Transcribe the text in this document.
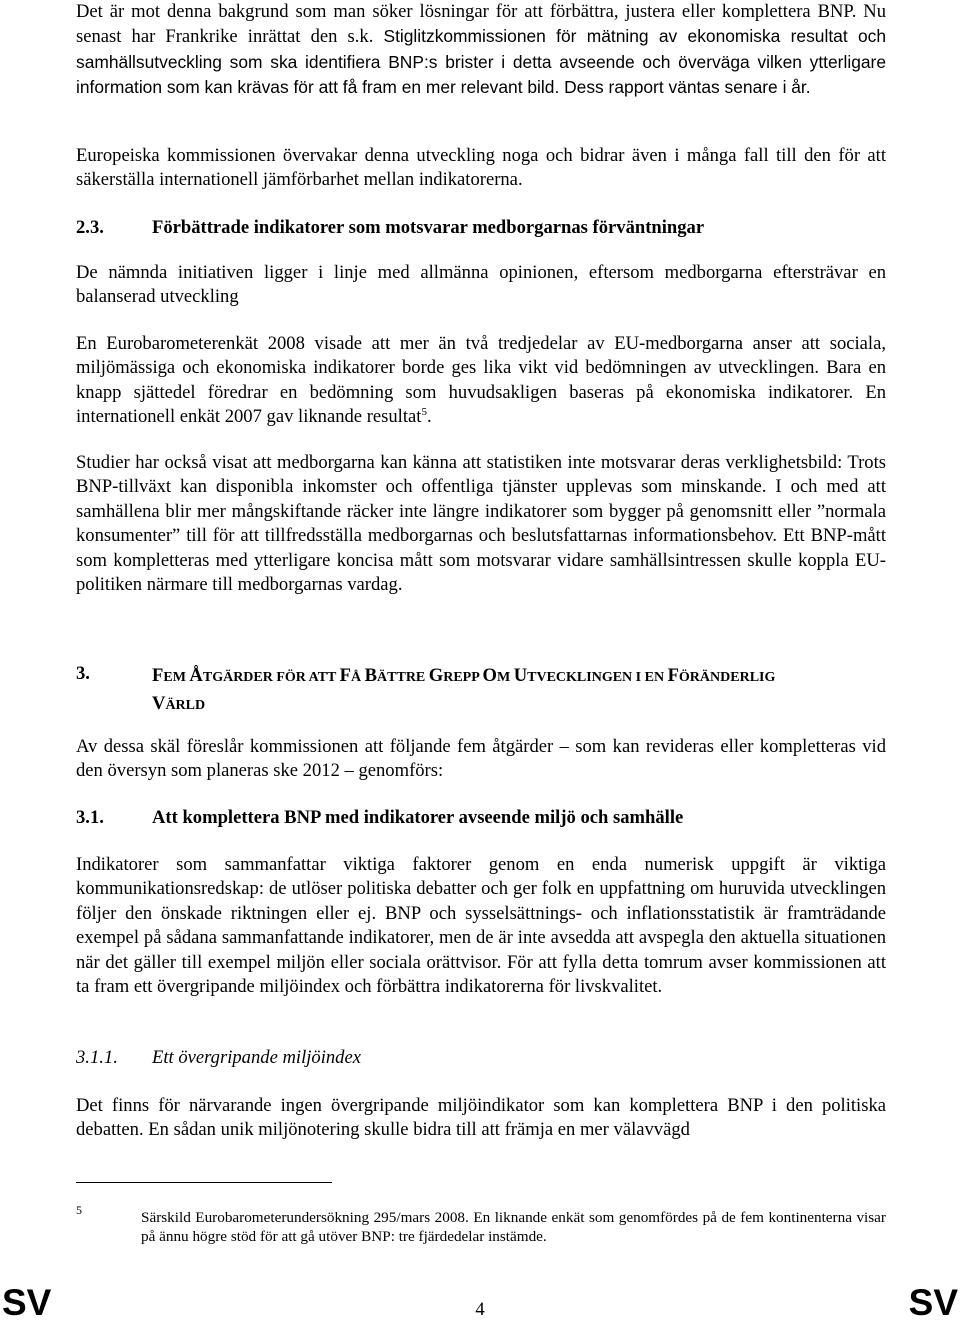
Det är mot denna bakgrund som man söker lösningar för att förbättra, justera eller komplettera BNP. Nu senast har Frankrike inrättat den s.k. Stiglitzkommissionen för mätning av ekonomiska resultat och samhällsutveckling som ska identifiera BNP:s brister i detta avseende och överväga vilken ytterligare information som kan krävas för att få fram en mer relevant bild. Dess rapport väntas senare i år.

Europeiska kommissionen övervakar denna utveckling noga och bidrar även i många fall till den för att säkerställa internationell jämförbarhet mellan indikatorerna.

2.3.	Förbättrade indikatorer som motsvarar medborgarnas förväntningar

De nämnda initiativen ligger i linje med allmänna opinionen, eftersom medborgarna eftersträvar en balanserad utveckling

En Eurobarometerenkät 2008 visade att mer än två tredjedelar av EU-medborgarna anser att sociala, miljömässiga och ekonomiska indikatorer borde ges lika vikt vid bedömningen av utvecklingen. Bara en knapp sjättedel föredrar en bedömning som huvudsakligen baseras på ekonomiska indikatorer. En internationell enkät 2007 gav liknande resultat$^5$.

Studier har också visat att medborgarna kan känna att statistiken inte motsvarar deras verklighetsbild: Trots BNP-tillväxt kan disponibla inkomster och offentliga tjänster upplevas som minskande. I och med att samhällena blir mer mångskiftande räcker inte längre indikatorer som bygger på genomsnitt eller ”normala konsumenter” till för att tillfredsställa medborgarnas och beslutsfattarnas informationsbehov. Ett BNP-mått som kompletteras med ytterligare koncisa mått som motsvarar vidare samhällsintressen skulle koppla EU-politiken närmare till medborgarnas vardag.

3.	FEM ÅTGÄRDER FÖR ATT FÅ BÄTTRE GREPP OM UTVECKLINGEN I EN FÖRÄNDERLIG
VÄRLD

Av dessa skäl föreslår kommissionen att följande fem åtgärder – som kan revideras eller kompletteras vid den översyn som planeras ske 2012 – genomförs:

3.1.	Att komplettera BNP med indikatorer avseende miljö och samhälle

Indikatorer som sammanfattar viktiga faktorer genom en enda numerisk uppgift är viktiga kommunikationsredskap: de utlöser politiska debatter och ger folk en uppfattning om huruvida utvecklingen följer den önskade riktningen eller ej. BNP och sysselsättnings- och inflationsstatistik är framträdande exempel på sådana sammanfattande indikatorer, men de är inte avsedda att avspegla den aktuella situationen när det gäller till exempel miljön eller sociala orättvisor. För att fylla detta tomrum avser kommissionen att ta fram ett övergripande miljöindex och förbättra indikatorerna för livskvalitet.

3.1.1. Ett övergripande miljöindex

Det finns för närvarande ingen övergripande miljöindikator som kan komplettera BNP i den politiska debatten. En sådan unik miljönotering skulle bidra till att främja en mer välavvägd

5	Särskild Eurobarometerundersökning 295/mars 2008. En liknande enkät som genomfördes på de fem kontinenterna visar på ännu högre stöd för att gå utöver BNP: tre fjärdedelar instämde.

SV	4	SV
